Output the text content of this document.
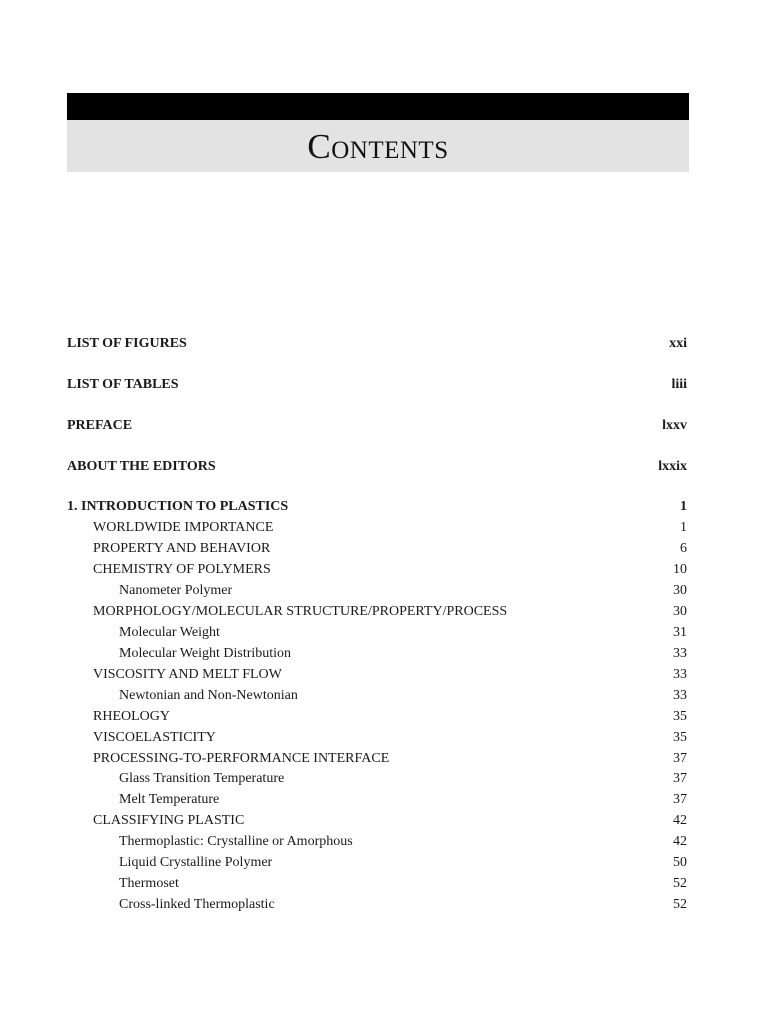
Contents
LIST OF FIGURES	xxi
LIST OF TABLES	liii
PREFACE	lxxv
ABOUT THE EDITORS	lxxix
1. INTRODUCTION TO PLASTICS	1
WORLDWIDE IMPORTANCE	1
PROPERTY AND BEHAVIOR	6
CHEMISTRY OF POLYMERS	10
Nanometer Polymer	30
MORPHOLOGY/MOLECULAR STRUCTURE/PROPERTY/PROCESS	30
Molecular Weight	31
Molecular Weight Distribution	33
VISCOSITY AND MELT FLOW	33
Newtonian and Non-Newtonian	33
RHEOLOGY	35
VISCOELASTICITY	35
PROCESSING-TO-PERFORMANCE INTERFACE	37
Glass Transition Temperature	37
Melt Temperature	37
CLASSIFYING PLASTIC	42
Thermoplastic: Crystalline or Amorphous	42
Liquid Crystalline Polymer	50
Thermoset	52
Cross-linked Thermoplastic	52
